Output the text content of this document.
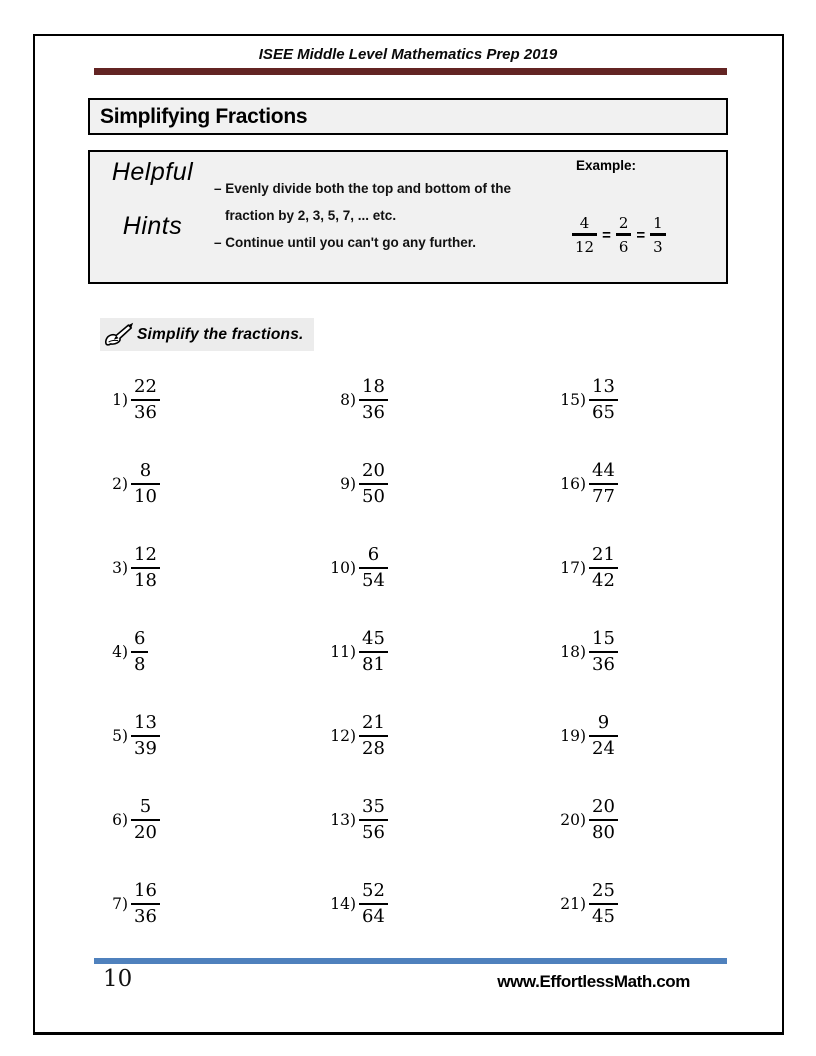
ISEE Middle Level Mathematics Prep 2019
Simplifying Fractions
Helpful
Hints
– Evenly divide both the top and bottom of the
fraction by 2, 3, 5, 7, ... etc.
– Continue until you can't go any further.
Example:
$\frac{4}{12} = \frac{2}{6} = \frac{1}{3}$
Simplify the fractions.
$1) \frac{22}{36}$
$2) \frac{8}{10}$
$3) \frac{12}{18}$
$4) \frac{6}{8}$
$5) \frac{13}{39}$
$6) \frac{5}{20}$
$7) \frac{16}{36}$
$8) \frac{18}{36}$
$9) \frac{20}{50}$
$10) \frac{6}{54}$
$11) \frac{45}{81}$
$12) \frac{21}{28}$
$13) \frac{35}{56}$
$14) \frac{52}{64}$
$15) \frac{13}{65}$
$16) \frac{44}{77}$
$17) \frac{21}{42}$
$18) \frac{15}{36}$
$19) \frac{9}{24}$
$20) \frac{20}{80}$
$21) \frac{25}{45}$
10	www.EffortlessMath.com
